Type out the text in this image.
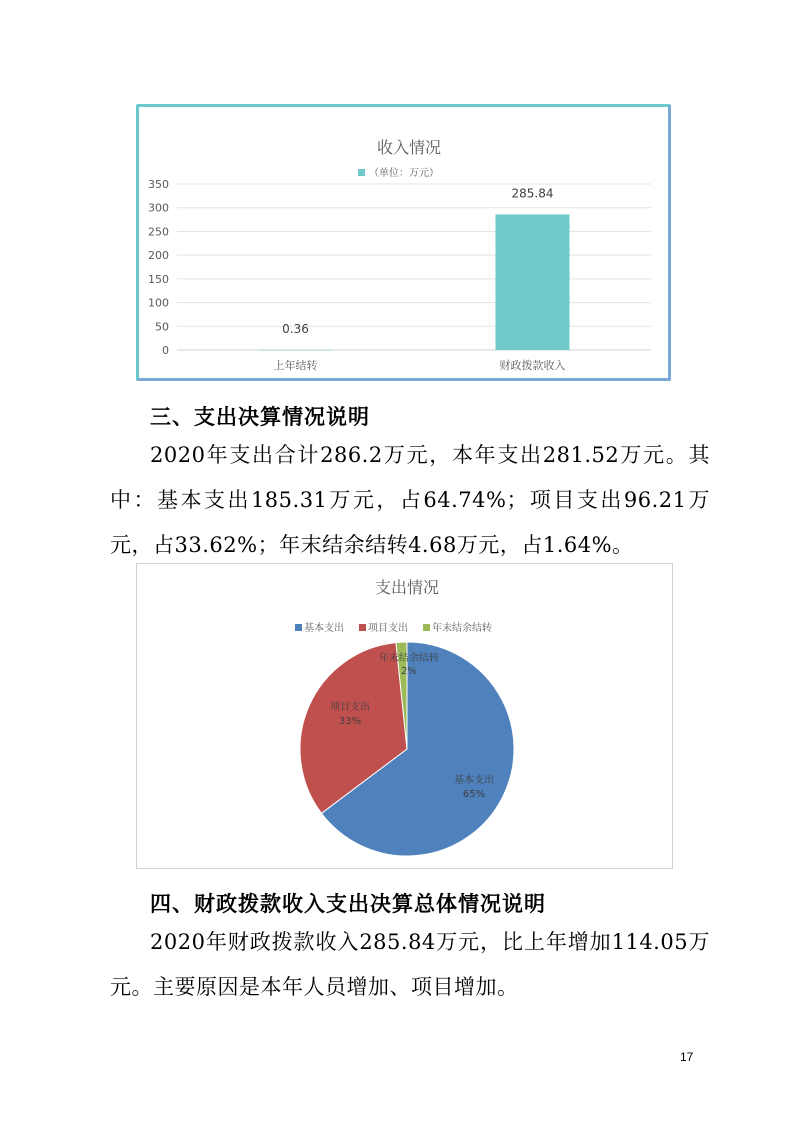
收入情况
（单位：万元）
0
50
100
150
200
250
300
350
0.36
上年结转
285.84
财政拨款收入
三、支出决算情况说明

2020年支出合计286.2万元，本年支出281.52万元。其中：基本支出185.31万元，占64.74%；项目支出96.21万元，占33.62%；年末结余结转4.68万元，占1.64%。

支出情况
基本支出 项目支出 年末结余结转
基本支出
65%
项目支出
33%
年末结余结转
2%
四、财政拨款收入支出决算总体情况说明

2020年财政拨款收入285.84万元，比上年增加114.05万元。主要原因是本年人员增加、项目增加。

17
